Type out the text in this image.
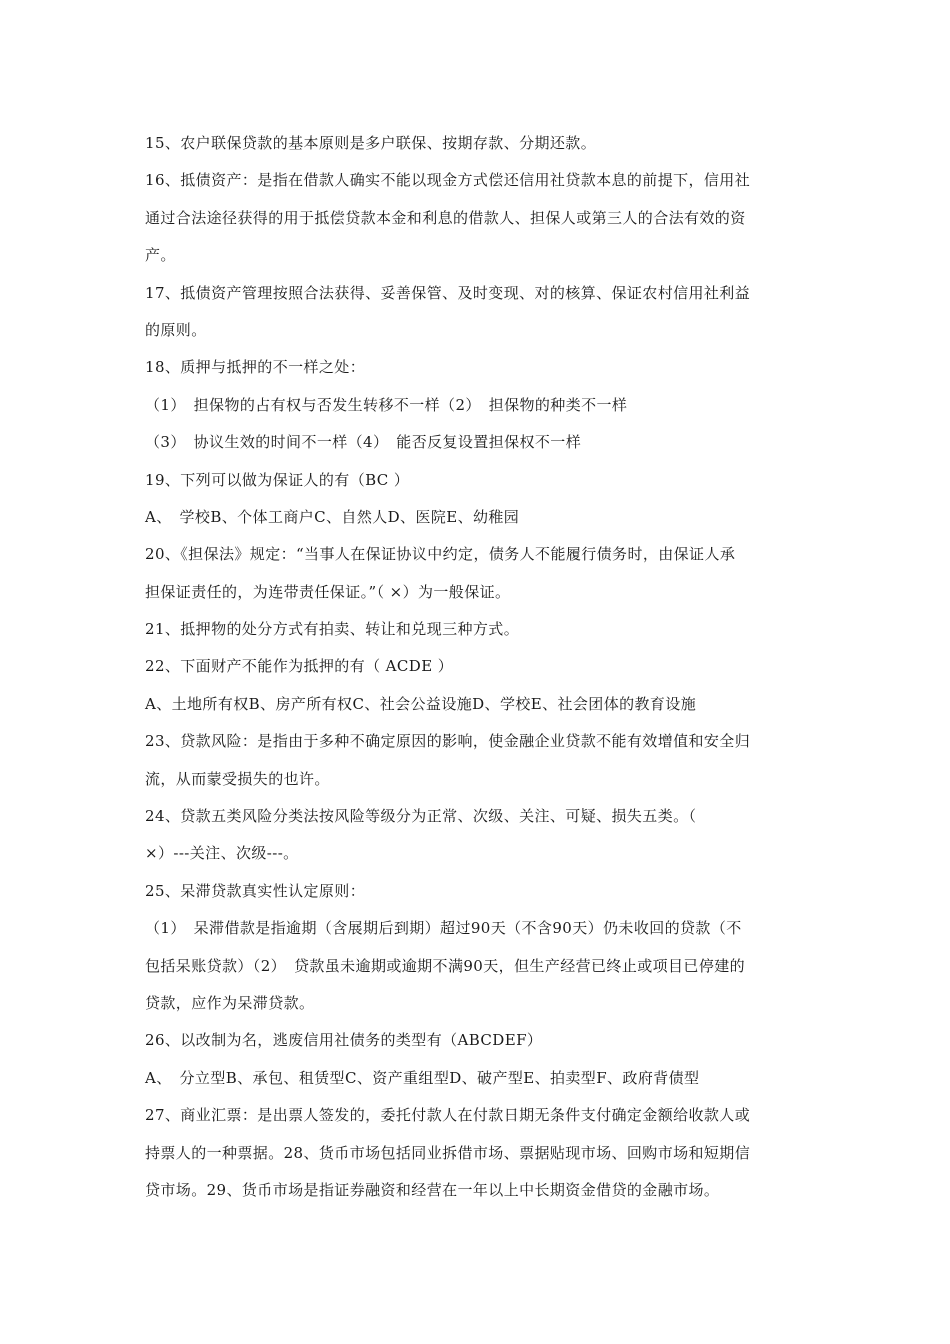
15、农户联保贷款的基本原则是多户联保、按期存款、分期还款。
16、抵债资产：是指在借款人确实不能以现金方式偿还信用社贷款本息的前提下，信用社
通过合法途径获得的用于抵偿贷款本金和利息的借款人、担保人或第三人的合法有效的资
产。
17、抵债资产管理按照合法获得、妥善保管、及时变现、对的核算、保证农村信用社利益
的原则。
18、质押与抵押的不一样之处：
（1）　担保物的占有权与否发生转移不一样（2）　担保物的种类不一样
（3）　协议生效的时间不一样（4）　能否反复设置担保权不一样
19、下列可以做为保证人的有（BC ）
A、　学校B、个体工商户C、自然人D、医院E、幼稚园
20、《担保法》规定：“当事人在保证协议中约定，债务人不能履行债务时，由保证人承
担保证责任的，为连带责任保证。”（ ×）为一般保证。
21、抵押物的处分方式有拍卖、转让和兑现三种方式。
22、下面财产不能作为抵押的有（ ACDE ）
A、土地所有权B、房产所有权C、社会公益设施D、学校E、社会团体的教育设施
23、贷款风险：是指由于多种不确定原因的影响，使金融企业贷款不能有效增值和安全归
流，从而蒙受损失的也许。
24、贷款五类风险分类法按风险等级分为正常、次级、关注、可疑、损失五类。（
×）---关注、次级---。
25、呆滞贷款真实性认定原则：
（1）　呆滞借款是指逾期（含展期后到期）超过90天（不含90天）仍未收回的贷款（不
包括呆账贷款）（2）　贷款虽未逾期或逾期不满90天，但生产经营已终止或项目已停建的
贷款，应作为呆滞贷款。
26、以改制为名，逃废信用社债务的类型有（ABCDEF）
A、　分立型B、承包、租赁型C、资产重组型D、破产型E、拍卖型F、政府背债型
27、商业汇票：是出票人签发的，委托付款人在付款日期无条件支付确定金额给收款人或
持票人的一种票据。28、货币市场包括同业拆借市场、票据贴现市场、回购市场和短期信
贷市场。29、货币市场是指证券融资和经营在一年以上中长期资金借贷的金融市场。
